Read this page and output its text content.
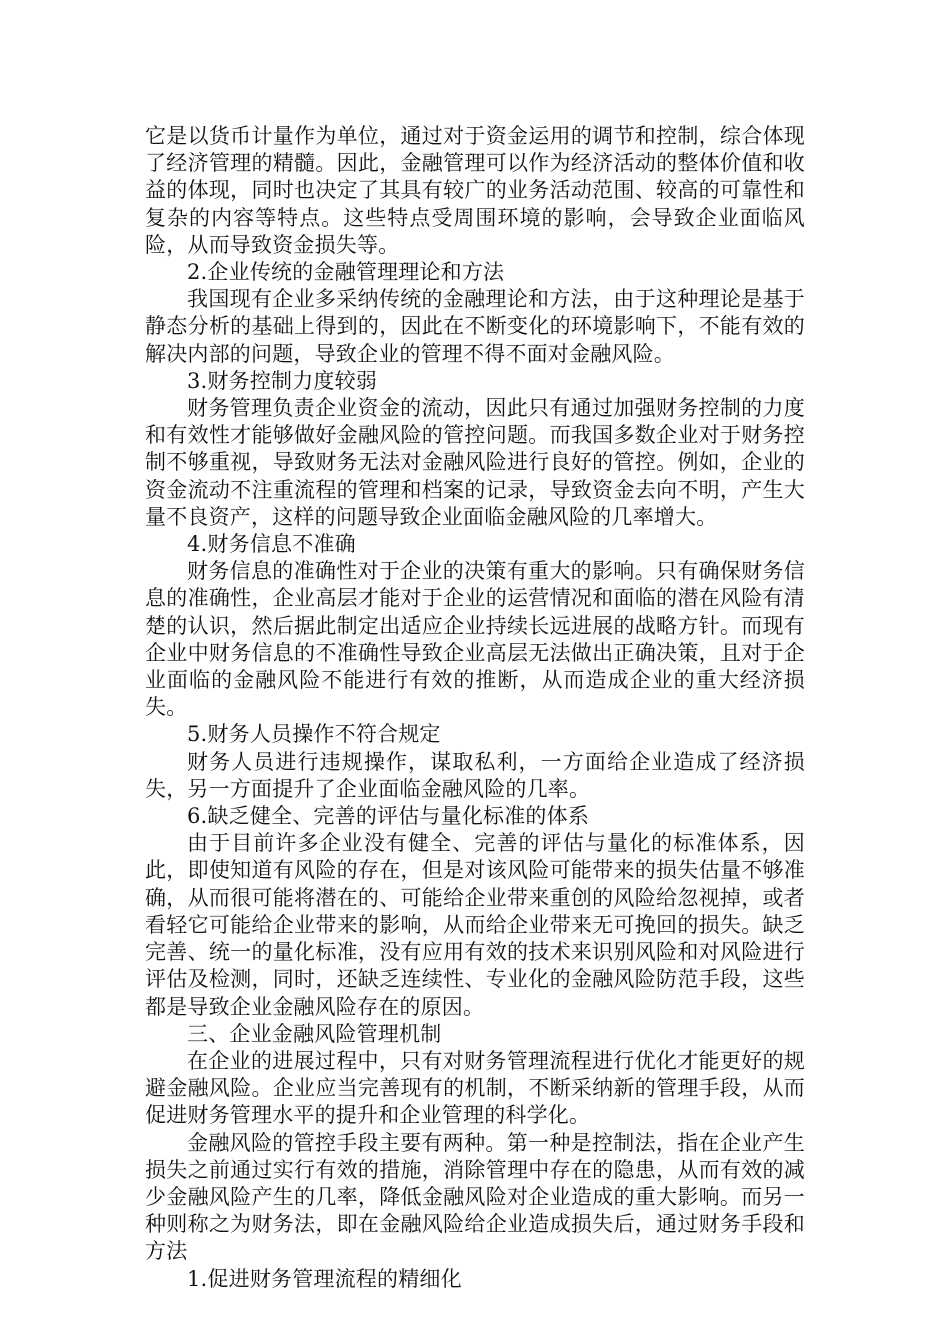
它是以货币计量作为单位，通过对于资金运用的调节和控制，综合体现了经济管理的精髓。因此，金融管理可以作为经济活动的整体价值和收益的体现，同时也决定了其具有较广的业务活动范围、较高的可靠性和复杂的内容等特点。这些特点受周围环境的影响，会导致企业面临风险，从而导致资金损失等。

2.企业传统的金融管理理论和方法

我国现有企业多采纳传统的金融理论和方法，由于这种理论是基于静态分析的基础上得到的，因此在不断变化的环境影响下，不能有效的解决内部的问题，导致企业的管理不得不面对金融风险。

3.财务控制力度较弱

财务管理负责企业资金的流动，因此只有通过加强财务控制的力度和有效性才能够做好金融风险的管控问题。而我国多数企业对于财务控制不够重视，导致财务无法对金融风险进行良好的管控。例如，企业的资金流动不注重流程的管理和档案的记录，导致资金去向不明，产生大量不良资产，这样的问题导致企业面临金融风险的几率增大。

4.财务信息不准确

财务信息的准确性对于企业的决策有重大的影响。只有确保财务信息的准确性，企业高层才能对于企业的运营情况和面临的潜在风险有清楚的认识，然后据此制定出适应企业持续长远进展的战略方针。而现有企业中财务信息的不准确性导致企业高层无法做出正确决策，且对于企业面临的金融风险不能进行有效的推断，从而造成企业的重大经济损失。

5.财务人员操作不符合规定

财务人员进行违规操作，谋取私利，一方面给企业造成了经济损失，另一方面提升了企业面临金融风险的几率。

6.缺乏健全、完善的评估与量化标准的体系

由于目前许多企业没有健全、完善的评估与量化的标准体系，因此，即使知道有风险的存在，但是对该风险可能带来的损失估量不够准确，从而很可能将潜在的、可能给企业带来重创的风险给忽视掉，或者看轻它可能给企业带来的影响，从而给企业带来无可挽回的损失。缺乏完善、统一的量化标准，没有应用有效的技术来识别风险和对风险进行评估及检测，同时，还缺乏连续性、专业化的金融风险防范手段，这些都是导致企业金融风险存在的原因。

三、企业金融风险管理机制

在企业的进展过程中，只有对财务管理流程进行优化才能更好的规避金融风险。企业应当完善现有的机制，不断采纳新的管理手段，从而促进财务管理水平的提升和企业管理的科学化。

金融风险的管控手段主要有两种。第一种是控制法，指在企业产生损失之前通过实行有效的措施，消除管理中存在的隐患，从而有效的减少金融风险产生的几率，降低金融风险对企业造成的重大影响。而另一种则称之为财务法，即在金融风险给企业造成损失后，通过财务手段和方法

1.促进财务管理流程的精细化
